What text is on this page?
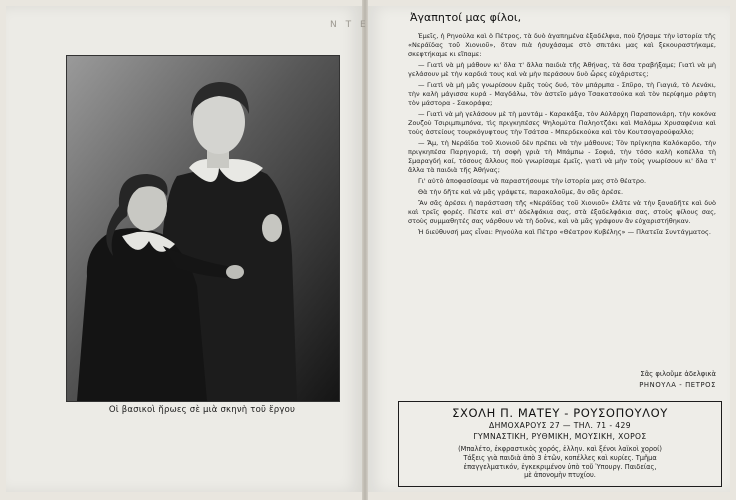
N T E
Οἱ βασικοὶ ἥρωες σὲ μιὰ σκηνὴ τοῦ ἔργου
Ἀγαπητοί μας φίλοι,

Ἐμεῖς, ἡ Ρηνούλα καὶ ὁ Πέτρος, τὰ δυὸ ἀγαπημένα ἐξαδέλφια, ποὺ ζήσαμε τὴν ἱστορία τῆς «Νεράϊδας τοῦ Χιονιοῦ», ὅταν πιὰ ἡσυχάσαμε στὸ σπιτάκι μας καὶ ξεκουραστήκαμε, σκεφτήκαμε κι εἴπαμε:

— Γιατὶ νὰ μὴ μάθουν κι' ὅλα τ' ἄλλα παιδιὰ τῆς Ἀθήνας, τὰ ὅσα τραβήξαμε; Γιατὶ νὰ μὴ γελάσουν μὲ τὴν καρδιά τους καὶ νὰ μὴν περάσουν δυὸ ὧρες εὐχάριστες;

— Γιατὶ νὰ μὴ μᾶς γνωρίσουν ἐμᾶς τοὺς δυό, τὸν μπάρμπα - Σπῦρο, τὴ Γιαγιά, τὸ Λενάκι, τὴν καλὴ μάγισσα κυρά - Μαγδάλω, τὸν ἀστεῖο μάγο Τσακατσούκα καὶ τὸν περίφημο ράφτη τὸν μάστορα - Σακοράφα;

— Γιατὶ νὰ μὴ γελάσουν μὲ τὴ μαντάμ - Καρακάξα, τὸν Αὐλάρχη Παραπονιάρη, τὴν κοκόνα Ζουζοὺ Τσιριμπιμπόνα, τὶς πριγκηπέσες Ψηλομύτα Παληοτζάκι καὶ Μαλάμω Χρυσαφένια καὶ τοὺς ἀστείους τουρκόγυφτους τὴν Τσάτσα - Μπερδεκούκα καὶ τὸν Κουτσογαρούφαλλο;

— Ἄμ, τὴ Νεράϊδα τοῦ Χιονιοῦ δὲν πρέπει νὰ τὴν μάθουνε; Τὸν πρίγκηπα Καλόκαρδο, τὴν πριγκηπέσα Παρηγοριά, τὴ σοφὴ γριὰ τὴ Μπάμπω - Σοφιά, τὴν τόσο καλὴ κοπέλλα τὴ Σμαραγδή καί, τόσους ἄλλους ποὺ γνωρίσαμε ἐμεῖς, γιατὶ νὰ μὴν τοὺς γνωρίσουν κι' ὅλα τ' ἄλλα τὰ παιδιὰ τῆς Ἀθήνας;

Γι' αὐτὸ ἀποφασίσαμε νὰ παραστήσουμε τὴν ἱστορία μας στὸ θέατρο.

Θὰ τὴν δῆτε καὶ νὰ μᾶς γράψετε, παρακαλοῦμε, ἂν σᾶς ἀρέσε.

Ἂν σᾶς ἀρέσει ἡ παράσταση τῆς «Νεράϊδας τοῦ Χιονιοῦ» ἐλᾶτε νὰ τὴν ξαναδῆτε καὶ δυὸ καὶ τρεῖς φορές. Πέστε καὶ στ' ἀδελφάκια σας, στὰ ἐξαδελφάκια σας, στοὺς φίλους σας, στοὺς συμμαθητές σας νάρθουν νὰ τὴ δοῦνε, καὶ νὰ μᾶς γράψουν ἂν εὐχαριστήθηκαν.

Ἡ διεύθυνσή μας εἶναι: Ρηνούλα καὶ Πέτρο «Θέατρον Κυβέλης» — Πλατεῖα Συντάγματος.

Σᾶς φιλοῦμε ἀδελφικὰ
ΡΗΝΟΥΛΑ - ΠΕΤΡΟΣ
ΣΧΟΛΗ Π. ΜΑΤΕΥ - ΡΟΥΣΟΠΟΥΛΟΥ
ΔΗΜΟΧΑΡΟΥΣ 27 — ΤΗΛ. 71 - 429
ΓΥΜΝΑΣΤΙΚΗ, ΡΥΘΜΙΚΗ, ΜΟΥΣΙΚΗ, ΧΟΡΟΣ
(Μπαλέτο, ἐκφραστικὸς χορός, ἑλλην. καὶ ξένοι λαϊκοὶ χοροί)
Τάξεις γιὰ παιδιὰ ἀπὸ 3 ἐτῶν, κοπέλλες καὶ κυρίες. Τμῆμα
ἐπαγγελματικόν, ἐγκεκριμένον ὑπὸ τοῦ Ὑπουργ. Παιδείας,
μὲ ἀπονομὴν πτυχίου.
